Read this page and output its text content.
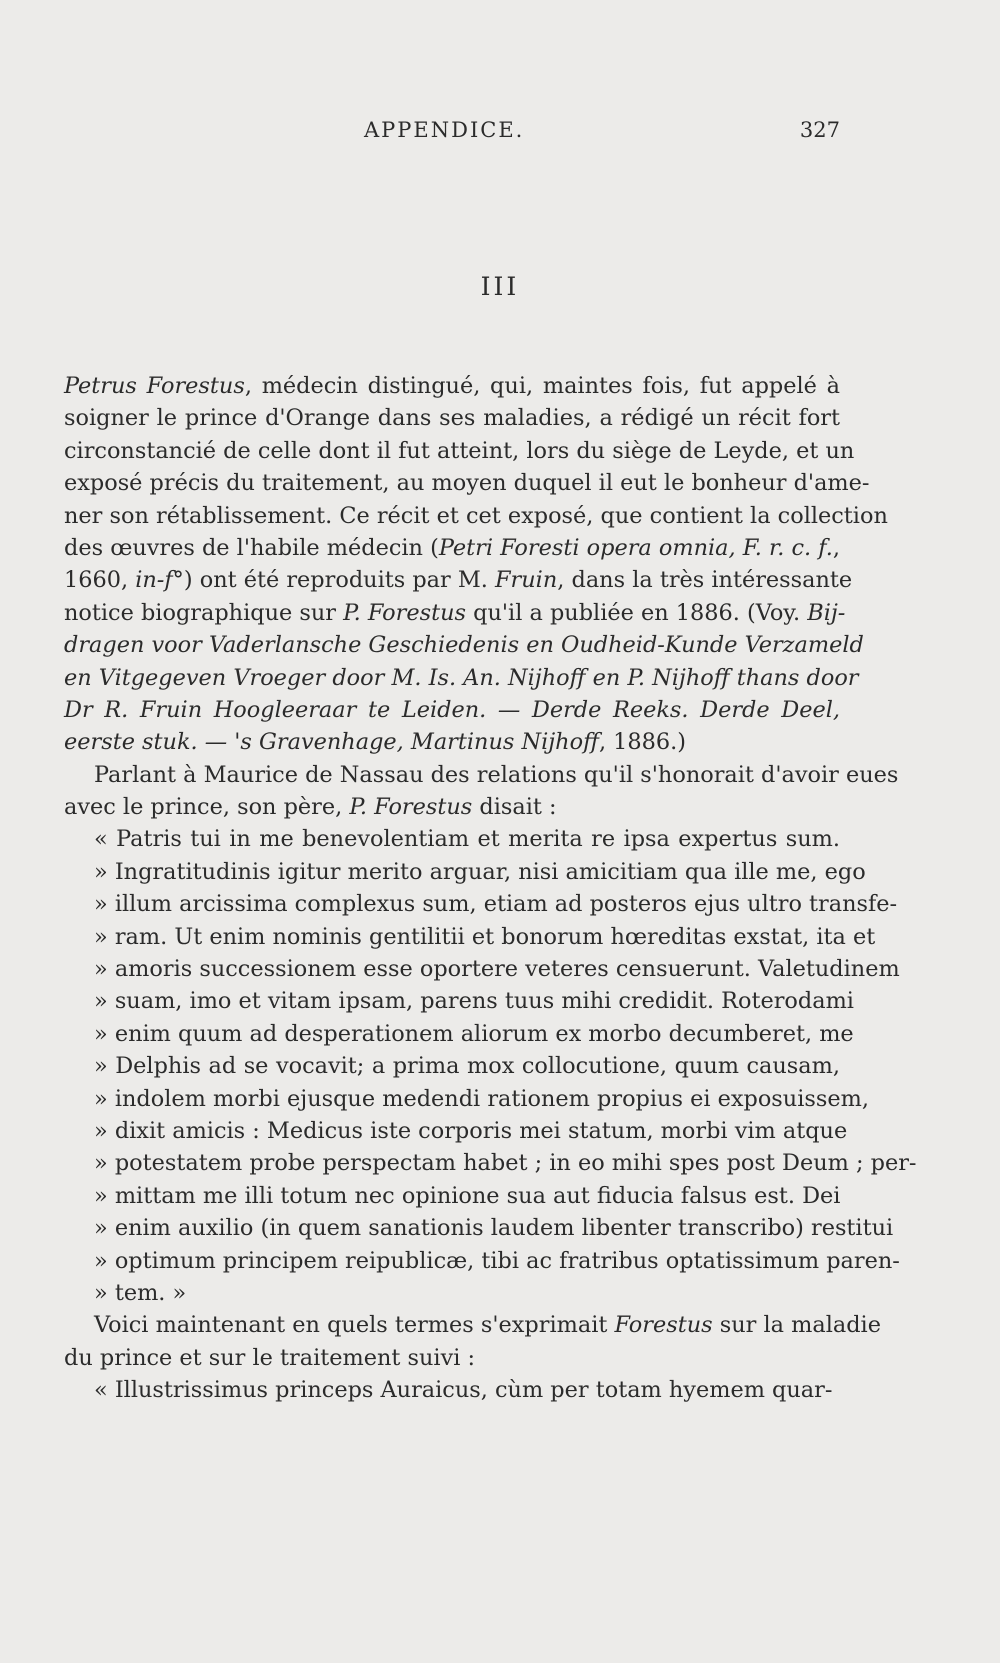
APPENDICE.	327
III
Petrus Forestus, médecin distingué, qui, maintes fois, fut appelé à
soigner le prince d'Orange dans ses maladies, a rédigé un récit fort
circonstancié de celle dont il fut atteint, lors du siège de Leyde, et un
exposé précis du traitement, au moyen duquel il eut le bonheur d'ame-
ner son rétablissement. Ce récit et cet exposé, que contient la collection
des œuvres de l'habile médecin (Petri Foresti opera omnia, F. r. c. f.,
1660, in-f°) ont été reproduits par M. Fruin, dans la très intéressante
notice biographique sur P. Forestus qu'il a publiée en 1886. (Voy. Bij-
dragen voor Vaderlansche Geschiedenis en Oudheid-Kunde Verzameld
en Vitgegeven Vroeger door M. Is. An. Nijhoff en P. Nijhoff thans door
Dr R. Fruin Hoogleeraar te Leiden. — Derde Reeks. Derde Deel,
eerste stuk. — 's Gravenhage, Martinus Nijhoff, 1886.)
Parlant à Maurice de Nassau des relations qu'il s'honorait d'avoir eues
avec le prince, son père, P. Forestus disait :
« Patris tui in me benevolentiam et merita re ipsa expertus sum.
» Ingratitudinis igitur merito arguar, nisi amicitiam qua ille me, ego
» illum arcissima complexus sum, etiam ad posteros ejus ultro transfe-
» ram. Ut enim nominis gentilitii et bonorum hœreditas exstat, ita et
» amoris successionem esse oportere veteres censuerunt. Valetudinem
» suam, imo et vitam ipsam, parens tuus mihi credidit. Roterodami
» enim quum ad desperationem aliorum ex morbo decumberet, me
» Delphis ad se vocavit; a prima mox collocutione, quum causam,
» indolem morbi ejusque medendi rationem propius ei exposuissem,
» dixit amicis : Medicus iste corporis mei statum, morbi vim atque
» potestatem probe perspectam habet ; in eo mihi spes post Deum ; per-
» mittam me illi totum nec opinione sua aut fiducia falsus est. Dei
» enim auxilio (in quem sanationis laudem libenter transcribo) restitui
» optimum principem reipublicæ, tibi ac fratribus optatissimum paren-
» tem. »
Voici maintenant en quels termes s'exprimait Forestus sur la maladie
du prince et sur le traitement suivi :
« Illustrissimus princeps Auraicus, cùm per totam hyemem quar-
